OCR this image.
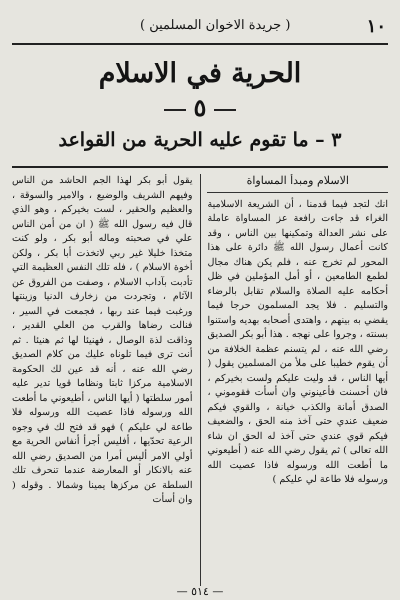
١٠
( جريدة الاخوان المسلمين )
الحرية في الاسلام
٥
٣ – ما تقوم عليه الحرية من القواعد
الاسلام ومبدأ المساواة

انك لتجد فيما قدمنا ، أن الشريعة الاسلامية الغراء قد جاءت رافعة عز المساواة عاملة على نشر العدالة وتمكينها بين الناس ، وقد كانت أعمال رسول الله ﷺ دائرة على هذا المحور لم تخرج عنه ، فلم يكن هناك مجال لطمع الطامعين ، أو أمل المؤملين في ظل أحكامه عليه الصلاة والسلام تقابل بالرضاء والتسليم . فلا يجد المسلمون حرجا فيما يقضي به بينهم ، واهتدى أصحابه بهديه واستنوا بسنته ، وجروا على نهجه . هذا أبو بكر الصديق رضي الله عنه ، لم يتسنم عظمة الخلافة من أن يقوم خطيبا على ملأ من المسلمين يقول ( أيها الناس ، قد وليت عليكم ولست بخيركم ، فان أحسنت فأعينوني وان أسأت فقوموني ، الصدق أمانة والكذب خيانة ، والقوي فيكم ضعيف عندي حتى آخذ منه الحق ، والضعيف فيكم قوي عندي حتى آخذ له الحق ان شاء الله تعالى ) ثم يقول رضي الله عنه ( أطيعوني ما أطعت الله ورسوله فاذا عصيت الله ورسوله فلا طاعة لي عليكم )

يقول أبو بكر لهذا الجم الحاشد من الناس وفيهم الشريف والوضيع ، والامير والسوقة ، والعظيم والحقير ، لست بخيركم ، وهو الذي قال فيه رسول الله ﷺ ( ان من أمن الناس علي في صحبته وماله أبو بكر ، ولو كنت متخذا خليلا غير ربي لاتخذت أبا بكر ، ولكن أخوة الاسلام ) ، فله تلك النفس العظيمة التي تأدبت بآداب الاسلام ، وصفت من الفروق عن الآثام ، وتجردت من زخارف الدنيا وزينتها ورغبت فيما عند ربها ، فجمعت في السير ، فنالت رضاها والقرب من العلي القدير ، وذاقت لذة الوصال ، فهنيئا لها ثم هنيئا . ثم أنت ترى فيما تلوناه عليك من كلام الصديق رضي الله عنه ، أنه قد عين لك الحكومة الاسلامية مركزا ثابتا ونظاما قويا تدير عليه أمور سلطتها ( أيها الناس ، أطيعوني ما أطعت الله ورسوله فاذا عصيت الله ورسوله فلا طاعة لي عليكم ) فهو قد فتح لك في وجوه الرعية تحدّيها ، أفليس أجرأ أنفاس الحرية مع أولي الامر أليس أمرا من الصديق رضي الله عنه بالانكار أو المعارضة عندما تنحرف تلك السلطة عن مركزها يمينا وشمالا . وقوله ( وان أسأت

— ٥١٤ —
